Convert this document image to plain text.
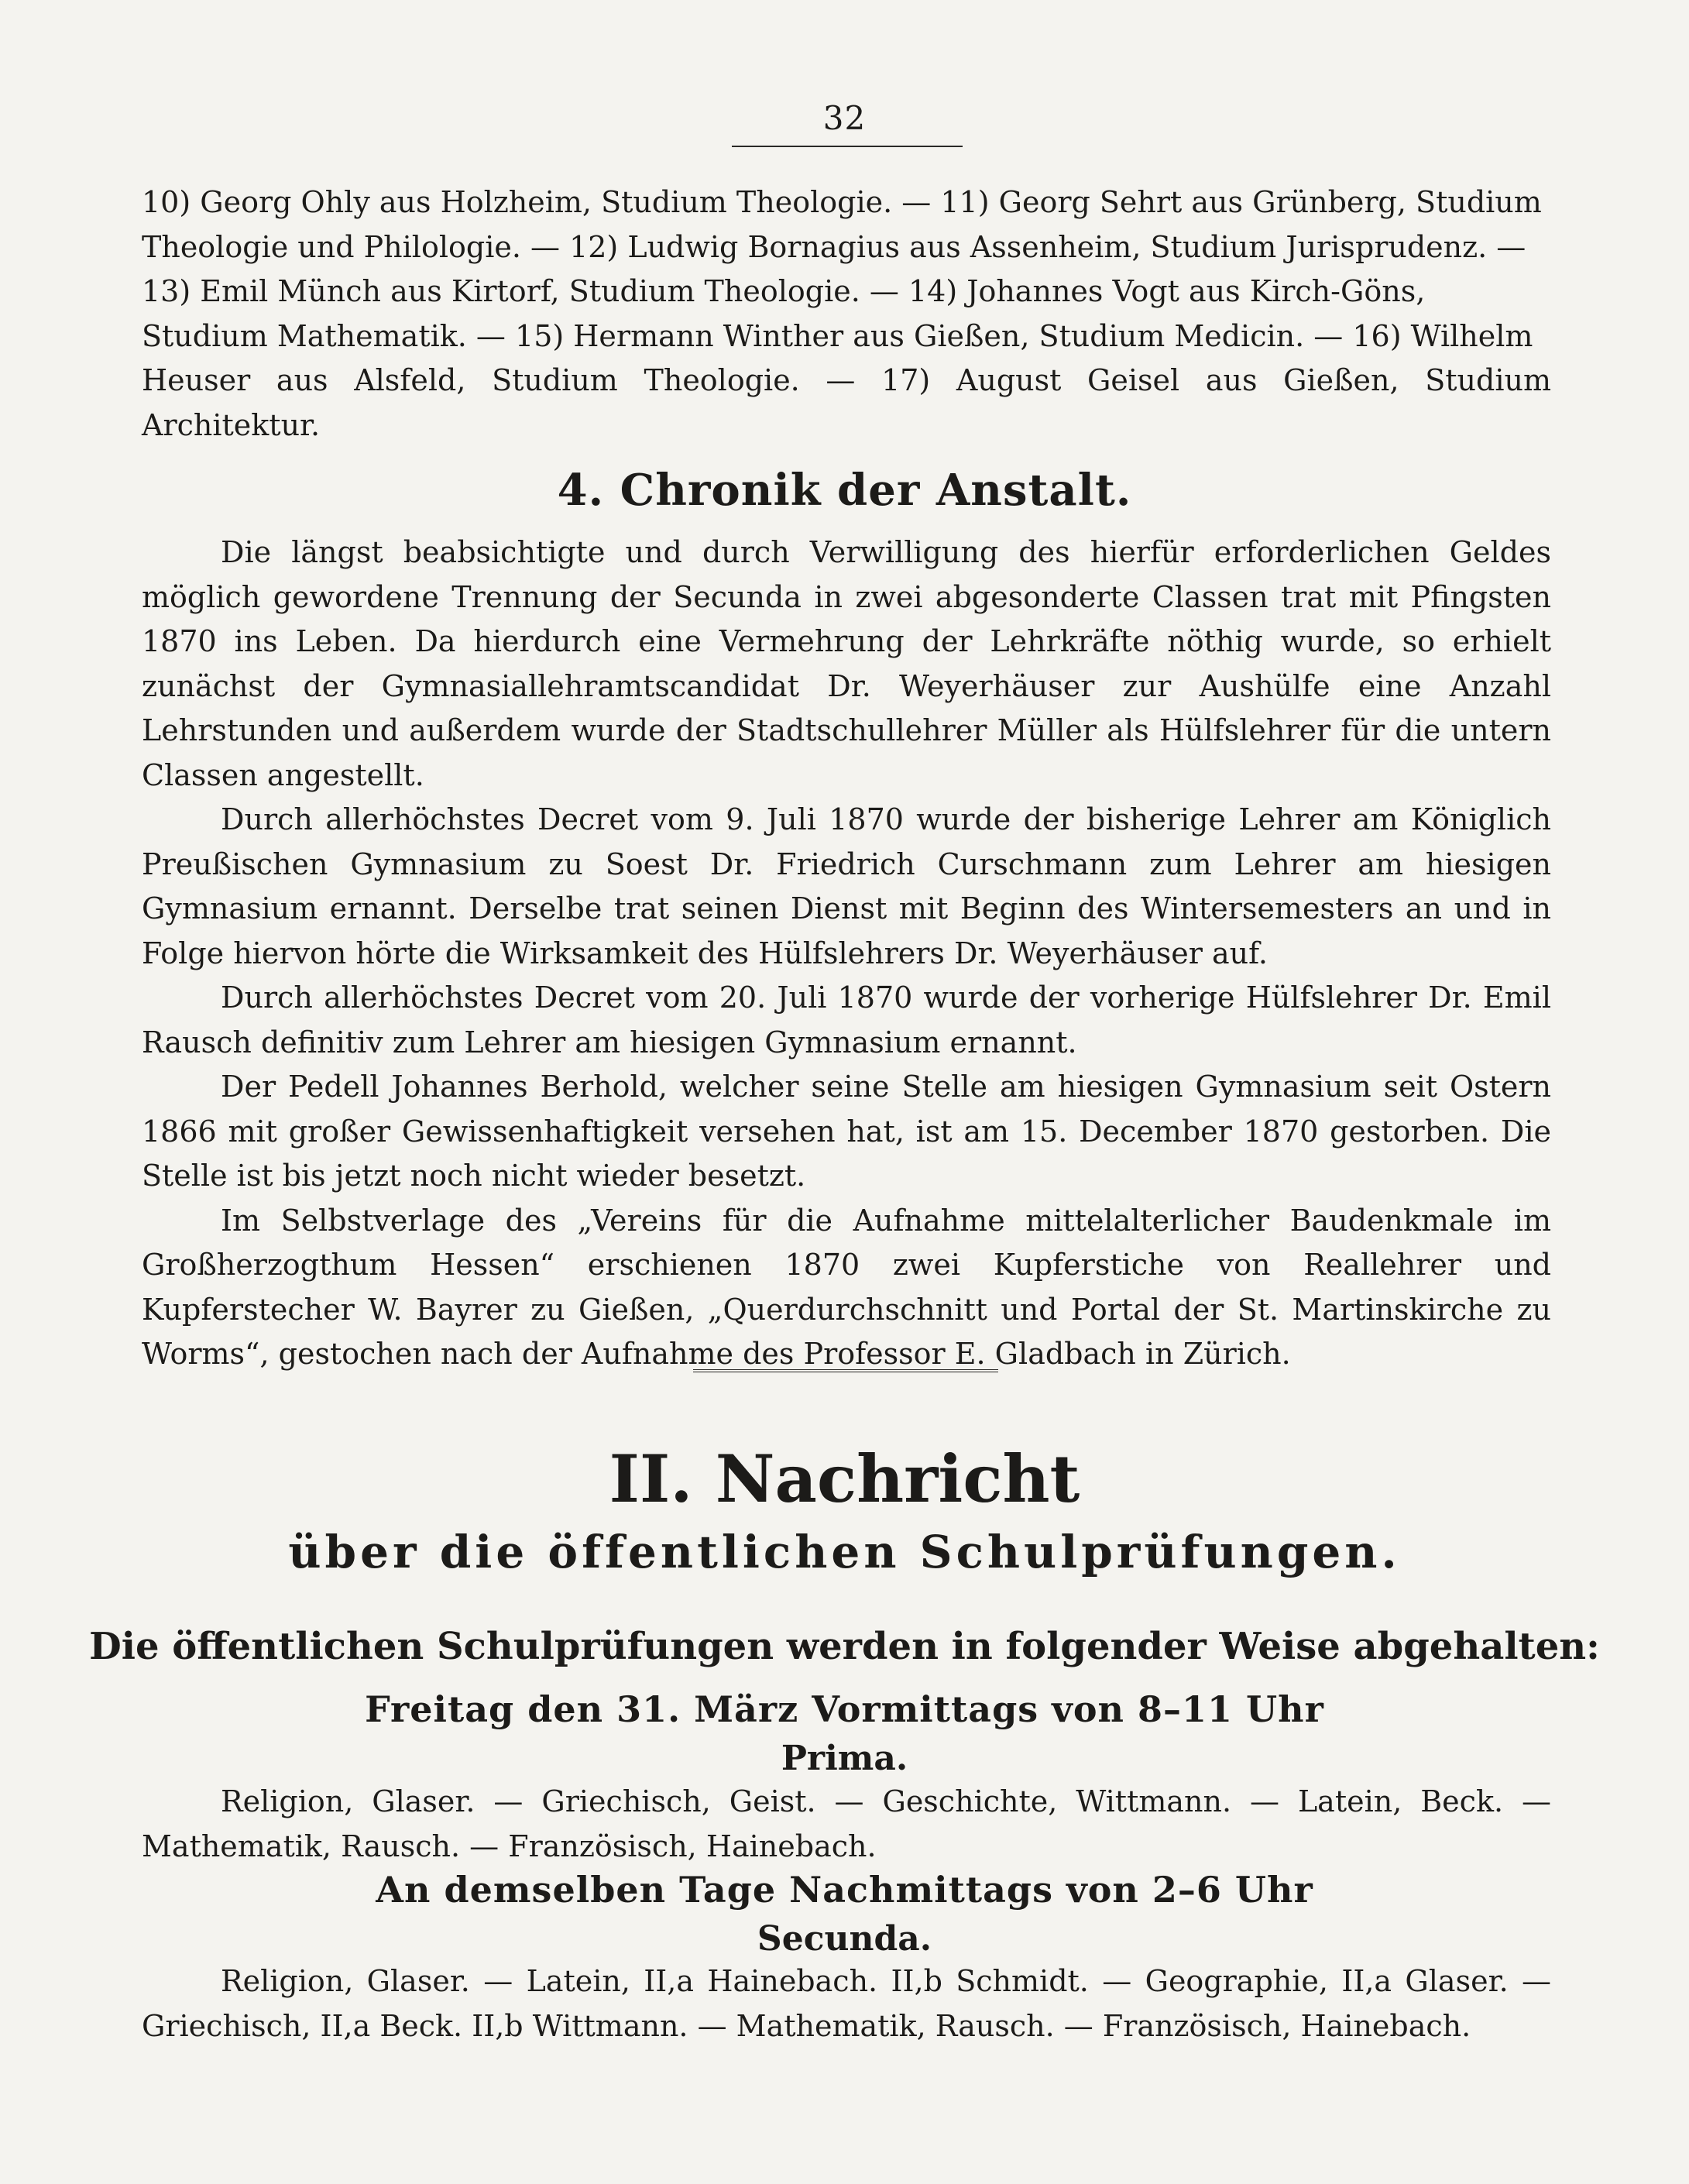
32
10) Georg Ohly aus Holzheim, Studium Theologie. — 11) Georg Sehrt aus Grünberg, Studium
Theologie und Philologie. — 12) Ludwig Bornagius aus Assenheim, Studium Jurisprudenz. —
13) Emil Münch aus Kirtorf, Studium Theologie. — 14) Johannes Vogt aus Kirch-Göns,
Studium Mathematik. — 15) Hermann Winther aus Gießen, Studium Medicin. — 16) Wilhelm
Heuser aus Alsfeld, Studium Theologie. — 17) August Geisel aus Gießen, Studium Architektur.
4. Chronik der Anstalt.

Die längst beabsichtigte und durch Verwilligung des hierfür erforderlichen Geldes möglich gewordene Trennung der Secunda in zwei abgesonderte Classen trat mit Pfingsten 1870 ins Leben. Da hierdurch eine Vermehrung der Lehrkräfte nöthig wurde, so erhielt zunächst der Gymnasiallehramtscandidat Dr. Weyerhäuser zur Aushülfe eine Anzahl Lehrstunden und außerdem wurde der Stadtschullehrer Müller als Hülfslehrer für die untern Classen angestellt.

Durch allerhöchstes Decret vom 9. Juli 1870 wurde der bisherige Lehrer am Königlich Preußischen Gymnasium zu Soest Dr. Friedrich Curschmann zum Lehrer am hiesigen Gymnasium ernannt. Derselbe trat seinen Dienst mit Beginn des Wintersemesters an und in Folge hiervon hörte die Wirksamkeit des Hülfslehrers Dr. Weyerhäuser auf.

Durch allerhöchstes Decret vom 20. Juli 1870 wurde der vorherige Hülfslehrer Dr. Emil Rausch definitiv zum Lehrer am hiesigen Gymnasium ernannt.

Der Pedell Johannes Berhold, welcher seine Stelle am hiesigen Gymnasium seit Ostern 1866 mit großer Gewissenhaftigkeit versehen hat, ist am 15. December 1870 gestorben. Die Stelle ist bis jetzt noch nicht wieder besetzt.

Im Selbstverlage des „Vereins für die Aufnahme mittelalterlicher Baudenkmale im Großherzogthum Hessen“ erschienen 1870 zwei Kupferstiche von Reallehrer und Kupferstecher W. Bayrer zu Gießen, „Querdurchschnitt und Portal der St. Martinskirche zu Worms“, gestochen nach der Aufnahme des Professor E. Gladbach in Zürich.

II. Nachricht
über die öffentlichen Schulprüfungen.
Die öffentlichen Schulprüfungen werden in folgender Weise abgehalten:
Freitag den 31. März Vormittags von 8–11 Uhr
Prima.

Religion, Glaser. — Griechisch, Geist. — Geschichte, Wittmann. — Latein, Beck. — Mathematik, Rausch. — Französisch, Hainebach.

An demselben Tage Nachmittags von 2–6 Uhr
Secunda.

Religion, Glaser. — Latein, II,a Hainebach. II,b Schmidt. — Geographie, II,a Glaser. — Griechisch, II,a Beck. II,b Wittmann. — Mathematik, Rausch. — Französisch, Hainebach.
